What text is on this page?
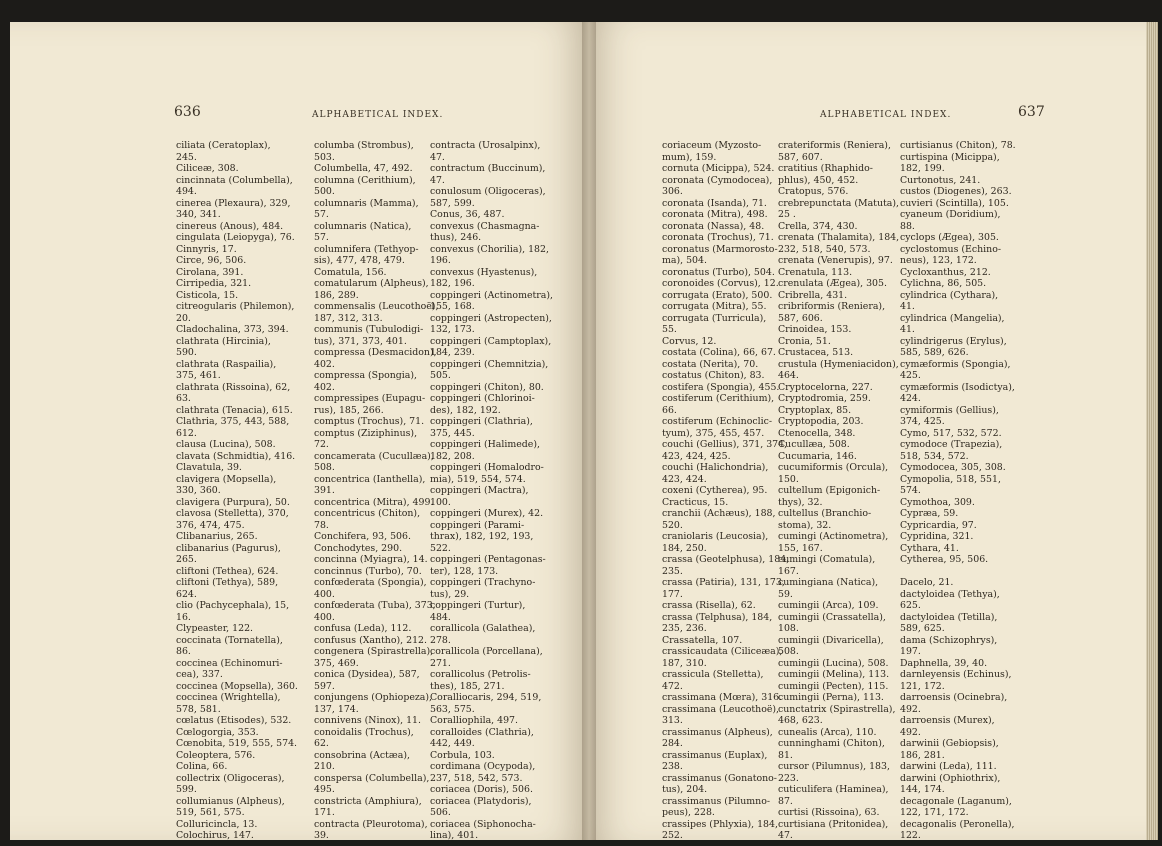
636	ALPHABETICAL INDEX.
ciliata (Ceratoplax),
245.
Ciliceæ, 308.
cincinnata (Columbella),
494.
cinerea (Plexaura), 329,
340, 341.
cinereus (Anous), 484.
cingulata (Leiopyga), 76.
Cinnyris, 17.
Circe, 96, 506.
Cirolana, 391.
Cirripedia, 321.
Cisticola, 15.
citreogularis (Philemon),
20.
Cladochalina, 373, 394.
clathrata (Hircinia),
590.
clathrata (Raspailia),
375, 461.
clathrata (Rissoina), 62,
63.
clathrata (Tenacia), 615.
Clathria, 375, 443, 588,
612.
clausa (Lucina), 508.
clavata (Schmidtia), 416.
Clavatula, 39.
clavigera (Mopsella),
330, 360.
clavigera (Purpura), 50.
clavosa (Stelletta), 370,
376, 474, 475.
Clibanarius, 265.
clibanarius (Pagurus),
265.
cliftoni (Tethea), 624.
cliftoni (Tethya), 589,
624.
clio (Pachycephala), 15,
16.
Clypeaster, 122.
coccinata (Tornatella),
86.
coccinea (Echinomuri-
cea), 337.
coccinea (Mopsella), 360.
coccinea (Wrightella),
578, 581.
cœlatus (Etisodes), 532.
Cœlogorgia, 353.
Cœnobita, 519, 555, 574.
Coleoptera, 576.
Colina, 66.
collectrix (Oligoceras),
599.
collumianus (Alpheus),
519, 561, 575.
Colluricincla, 13.
Colochirus, 147.
columba (Strombus),
503.
Columbella, 47, 492.
columna (Cerithium),
500.
columnaris (Mamma),
57.
columnaris (Natica),
57.
columnifera (Tethyop-
sis), 477, 478, 479.
Comatula, 156.
comatularum (Alpheus),
186, 289.
commensalis (Leucothoë),
187, 312, 313.
communis (Tubulodigi-
tus), 371, 373, 401.
compressa (Desmacidon),
402.
compressa (Spongia),
402.
compressipes (Eupagu-
rus), 185, 266.
comptus (Trochus), 71.
comptus (Ziziphinus),
72.
concamerata (Cucullæa),
508.
concentrica (Ianthella),
391.
concentrica (Mitra), 499.
concentricus (Chiton),
78.
Conchifera, 93, 506.
Conchodytes, 290.
concinna (Myiagra), 14.
concinnus (Turbo), 70.
confœderata (Spongia),
400.
confœderata (Tuba), 373,
400.
confusa (Leda), 112.
confusus (Xantho), 212.
congenera (Spirastrella),
375, 469.
conica (Dysidea), 587,
597.
conjungens (Ophiopeza),
137, 174.
connivens (Ninox), 11.
conoidalis (Trochus),
62.
consobrina (Actæa),
210.
conspersa (Columbella),
495.
constricta (Amphiura),
171.
contracta (Pleurotoma),
39.
contracta (Urosalpinx),
47.
contractum (Buccinum),
47.
conulosum (Oligoceras),
587, 599.
Conus, 36, 487.
convexus (Chasmagna-
thus), 246.
convexus (Chorilia), 182,
196.
convexus (Hyastenus),
182, 196.
coppingeri (Actinometra),
155, 168.
coppingeri (Astropecten),
132, 173.
coppingeri (Camptoplax),
184, 239.
coppingeri (Chemnitzia),
505.
coppingeri (Chiton), 80.
coppingeri (Chlorinoi-
des), 182, 192.
coppingeri (Clathria),
375, 445.
coppingeri (Halimede),
182, 208.
coppingeri (Homalodro-
mia), 519, 554, 574.
coppingeri (Mactra),
100.
coppingeri (Murex), 42.
coppingeri (Parami-
thrax), 182, 192, 193,
522.
coppingeri (Pentagonas-
ter), 128, 173.
coppingeri (Trachyno-
tus), 29.
coppingeri (Turtur),
484.
corallicola (Galathea),
278.
corallicola (Porcellana),
271.
corallicolus (Petrolis-
thes), 185, 271.
Coralliocaris, 294, 519,
563, 575.
Coralliophila, 497.
coralloides (Clathria),
442, 449.
Corbula, 103.
cordimana (Ocypoda),
237, 518, 542, 573.
coriacea (Doris), 506.
coriacea (Platydoris),
506.
coriacea (Siphonocha-
lina), 401.
ALPHABETICAL INDEX.	637
coriaceum (Myzosto-
mum), 159.
cornuta (Micippa), 524.
coronata (Cymodocea),
306.
coronata (Isanda), 71.
coronata (Mitra), 498.
coronata (Nassa), 48.
coronata (Trochus), 71.
coronatus (Marmorosto-
ma), 504.
coronatus (Turbo), 504.
coronoides (Corvus), 12.
corrugata (Erato), 500.
corrugata (Mitra), 55.
corrugata (Turricula),
55.
Corvus, 12.
costata (Colina), 66, 67.
costata (Nerita), 70.
costatus (Chiton), 83.
costifera (Spongia), 455.
costiferum (Cerithium),
66.
costiferum (Echinoclic-
tyum), 375, 455, 457.
couchi (Gellius), 371, 374,
423, 424, 425.
couchi (Halichondria),
423, 424.
coxeni (Cytherea), 95.
Cracticus, 15.
cranchii (Achæus), 188,
520.
craniolaris (Leucosia),
184, 250.
crassa (Geotelphusa), 184,
235.
crassa (Patiria), 131, 173,
177.
crassa (Risella), 62.
crassa (Telphusa), 184,
235, 236.
Crassatella, 107.
crassicaudata (Ciliceæa),
187, 310.
crassicula (Stelletta),
472.
crassimana (Mœra), 316.
crassimana (Leucothoë),
313.
crassimanus (Alpheus),
284.
crassimanus (Euplax),
238.
crassimanus (Gonatono-
tus), 204.
crassimanus (Pilumno-
peus), 228.
crassipes (Phlyxia), 184,
252.
crateriformis (Reniera),
587, 607.
cratitius (Rhaphido-
phlus), 450, 452.
Cratopus, 576.
crebrepunctata (Matuta),
25 .
Crella, 374, 430.
crenata (Thalamita), 184,
232, 518, 540, 573.
crenata (Venerupis), 97.
Crenatula, 113.
crenulata (Ægea), 305.
Cribrella, 431.
cribriformis (Reniera),
587, 606.
Crinoidea, 153.
Cronia, 51.
Crustacea, 513.
crustula (Hymeniacidon),
464.
Cryptocelorna, 227.
Cryptodromia, 259.
Cryptoplax, 85.
Cryptopodia, 203.
Ctenocella, 348.
Cucullæa, 508.
Cucumaria, 146.
cucumiformis (Orcula),
150.
cultellum (Epigonich-
thys), 32.
cultellus (Branchio-
stoma), 32.
cumingi (Actinometra),
155, 167.
cumingi (Comatula),
167.
cumingiana (Natica),
59.
cumingii (Arca), 109.
cumingii (Crassatella),
108.
cumingii (Divaricella),
508.
cumingii (Lucina), 508.
cumingii (Melina), 113.
cumingii (Pecten), 115.
cumingii (Perna), 113.
cunctatrix (Spirastrella),
468, 623.
cunealis (Arca), 110.
cunninghami (Chiton),
81.
cursor (Pilumnus), 183,
223.
cuticulifera (Haminea),
87.
curtisi (Rissoina), 63.
curtisiana (Pritonidea),
47.
curtisianus (Chiton), 78.
curtispina (Micippa),
182, 199.
Curtonotus, 241.
custos (Diogenes), 263.
cuvieri (Scintilla), 105.
cyaneum (Doridium),
88.
cyclops (Ægea), 305.
cyclostomus (Echino-
neus), 123, 172.
Cycloxanthus, 212.
Cylichna, 86, 505.
cylindrica (Cythara),
41.
cylindrica (Mangelia),
41.
cylindrigerus (Erylus),
585, 589, 626.
cymæformis (Spongia),
425.
cymæformis (Isodictya),
424.
cymiformis (Gellius),
374, 425.
Cymo, 517, 532, 572.
cymodoce (Trapezia),
518, 534, 572.
Cymodocea, 305, 308.
Cymopolia, 518, 551,
574.
Cymothoa, 309.
Cypræa, 59.
Cypricardia, 97.
Cypridina, 321.
Cythara, 41.
Cytherea, 95, 506.
Dacelo, 21.
dactyloidea (Tethya),
625.
dactyloidea (Tetilla),
589, 625.
dama (Schizophrys),
197.
Daphnella, 39, 40.
darnleyensis (Echinus),
121, 172.
darroensis (Ocinebra),
492.
darroensis (Murex),
492.
darwinii (Gebiopsis),
186, 281.
darwini (Leda), 111.
darwini (Ophiothrix),
144, 174.
decagonale (Laganum),
122, 171, 172.
decagonalis (Peronella),
122.
